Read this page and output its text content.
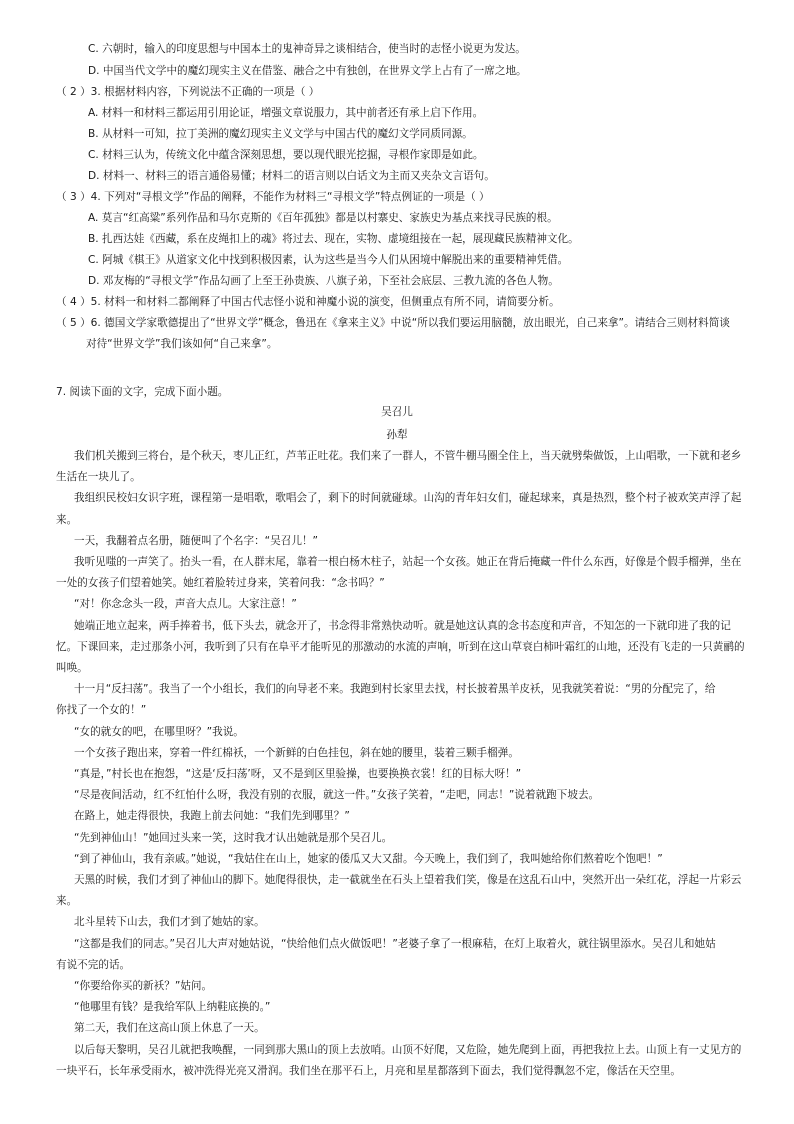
C. 六朝时，输入的印度思想与中国本土的鬼神奇异之谈相结合，使当时的志怪小说更为发达。
D. 中国当代文学中的魔幻现实主义在借鉴、融合之中有独创，在世界文学上占有了一席之地。
（ 2 ）3. 根据材料内容，下列说法不正确的一项是（ ）
A. 材料一和材料三都运用引用论证，增强文章说服力，其中前者还有承上启下作用。
B. 从材料一可知，拉丁美洲的魔幻现实主义文学与中国古代的魔幻文学同质同源。
C. 材料三认为，传统文化中蕴含深刻思想，要以现代眼光挖掘，寻根作家即是如此。
D. 材料一、材料三的语言通俗易懂；材料二的语言则以白话文为主而又夹杂文言语句。
（ 3 ）4. 下列对“寻根文学”作品的阐释，不能作为材料三“寻根文学”特点例证的一项是（ ）
A. 莫言“红高粱”系列作品和马尔克斯的《百年孤独》都是以村寨史、家族史为基点来找寻民族的根。
B. 扎西达娃《西藏，系在皮绳扣上的魂》将过去、现在，实物、虚境组接在一起，展现藏民族精神文化。
C. 阿城《棋王》从道家文化中找到积极因素，认为这些是当今人们从困境中解脱出来的重要精神凭借。
D. 邓友梅的“寻根文学”作品勾画了上至王孙贵族、八旗子弟，下至社会底层、三教九流的各色人物。
（ 4 ）5. 材料一和材料二都阐释了中国古代志怪小说和神魔小说的演变，但侧重点有所不同，请简要分析。
（ 5 ）6. 德国文学家歌德提出了“世界文学”概念，鲁迅在《拿来主义》中说“所以我们要运用脑髓，放出眼光，自己来拿”。请结合三则材料简谈
对待“世界文学”我们该如何“自己来拿”。
7. 阅读下面的文字，完成下面小题。
吴召儿
孙犁
我们机关搬到三将台，是个秋天，枣儿正红，芦苇正吐花。我们来了一群人，不管牛棚马圈全住上，当天就劈柴做饭，上山唱歌，一下就和老乡
生活在一块儿了。
我组织民校妇女识字班，课程第一是唱歌，歌唱会了，剩下的时间就碰球。山沟的青年妇女们，碰起球来，真是热烈，整个村子被欢笑声浮了起
来。
一天，我翻着点名册，随便叫了个名字：“吴召儿！”
我听见嗤的一声笑了。抬头一看，在人群末尾，靠着一根白杨木柱子，站起一个女孩。她正在背后掩藏一件什么东西，好像是个假手榴弹，坐在
一处的女孩子们望着她笑。她红着脸转过身来，笑着问我：“念书吗？”
“对！你念念头一段，声音大点儿。大家注意！”
她端正地立起来，两手捧着书，低下头去，就念开了，书念得非常熟快动听。就是她这认真的念书态度和声音，不知怎的一下就印进了我的记
忆。下课回来，走过那条小河，我听到了只有在阜平才能听见的那激动的水流的声响，听到在这山草衰白柿叶霜红的山地，还没有飞走的一只黄鹂的
叫唤。
十一月“反扫荡”。我当了一个小组长，我们的向导老不来。我跑到村长家里去找，村长披着黑羊皮袄，见我就笑着说：“男的分配完了，给
你找了一个女的！”
“女的就女的吧，在哪里呀？”我说。
一个女孩子跑出来，穿着一件红棉袄，一个新鲜的白色挂包，斜在她的腰里，装着三颗手榴弹。
“真是，”村长也在抱怨，“这是‘反扫荡’呀，又不是到区里验操，也要换换衣裳！红的目标大呀！”
“尽是夜间活动，红不红怕什么呀，我没有别的衣服，就这一件。”女孩子笑着，“走吧，同志！”说着就跑下坡去。
在路上，她走得很快，我跑上前去问她：“我们先到哪里？”
“先到神仙山！”她回过头来一笑，这时我才认出她就是那个吴召儿。
“到了神仙山，我有亲戚。”她说，“我姑住在山上，她家的倭瓜又大又甜。今天晚上，我们到了，我叫她给你们熬着吃个饱吧！”
天黑的时候，我们才到了神仙山的脚下。她爬得很快，走一截就坐在石头上望着我们笑，像是在这乱石山中，突然开出一朵红花，浮起一片彩云
来。
北斗星转下山去，我们才到了她姑的家。
“这都是我们的同志。”吴召儿大声对她姑说，“快给他们点火做饭吧！”老婆子拿了一根麻秸，在灯上取着火，就往锅里添水。吴召儿和她姑
有说不完的话。
“你要给你买的新袄？”姑问。
“他哪里有钱？是我给军队上纳鞋底换的。”
第二天，我们在这高山顶上休息了一天。
以后每天黎明，吴召儿就把我唤醒，一同到那大黑山的顶上去放哨。山顶不好爬，又危险，她先爬到上面，再把我拉上去。山顶上有一丈见方的
一块平石，长年承受雨水，被冲洗得光亮又滑润。我们坐在那平石上，月亮和星星都落到下面去，我们觉得飘忽不定，像活在天空里。
